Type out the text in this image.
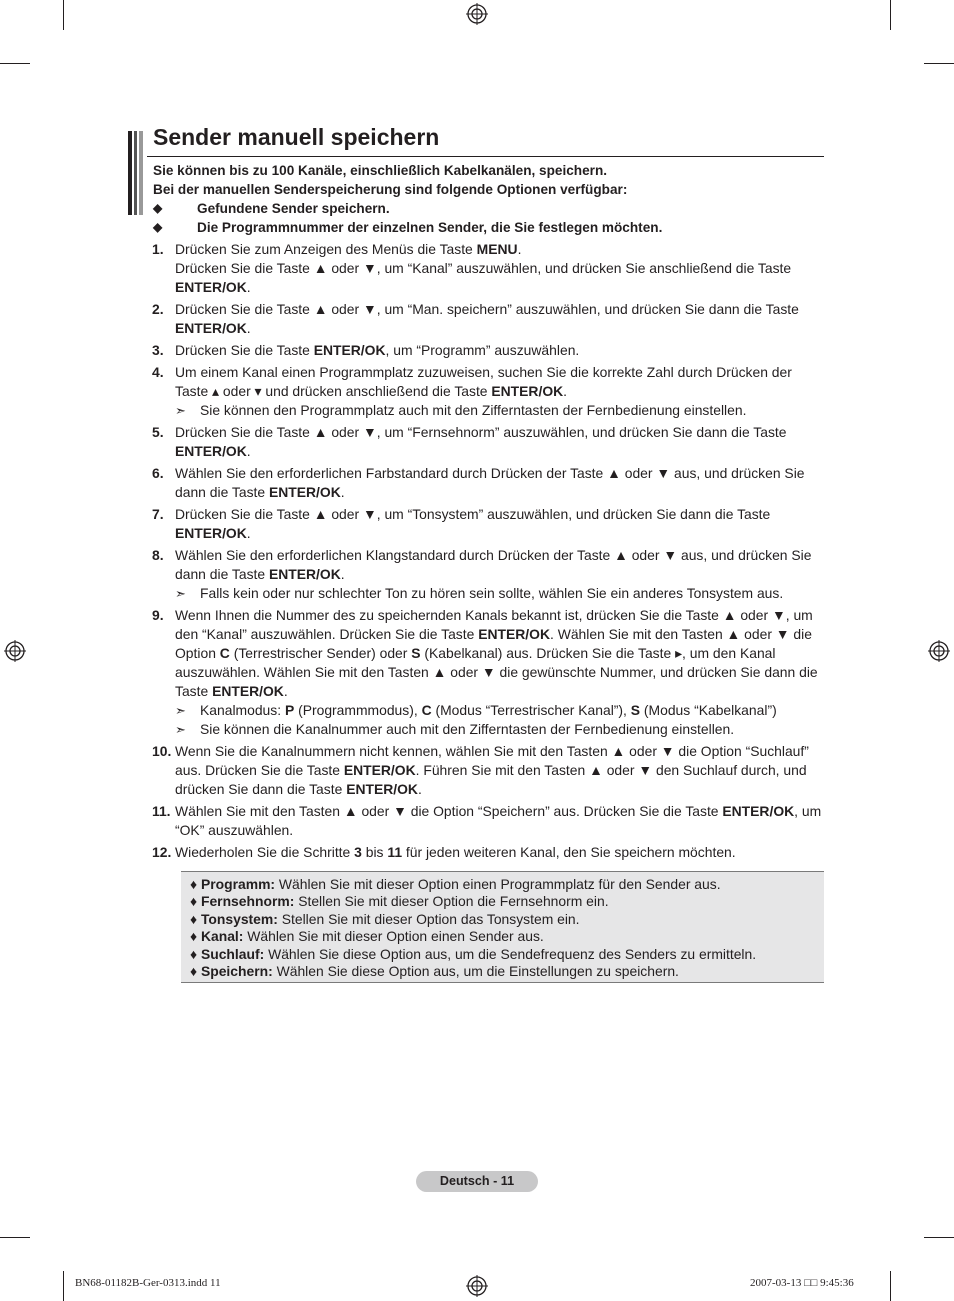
Sender manuell speichern
Sie können bis zu 100 Kanäle, einschließlich Kabelkanälen, speichern.
Bei der manuellen Senderspeicherung sind folgende Optionen verfügbar:
◆	Gefundene Sender speichern.
◆	Die Programmnummer der einzelnen Sender, die Sie festlegen möchten.
1. Drücken Sie zum Anzeigen des Menüs die Taste MENU.
Drücken Sie die Taste ▲ oder ▼, um “Kanal” auszuwählen, und drücken Sie anschließend die Taste ENTER/OK.
2. Drücken Sie die Taste ▲ oder ▼, um “Man. speichern” auszuwählen, und drücken Sie dann die Taste ENTER/OK.
3. Drücken Sie die Taste ENTER/OK, um “Programm” auszuwählen.
4. Um einem Kanal einen Programmplatz zuzuweisen, suchen Sie die korrekte Zahl durch Drücken der Taste ▴ oder ▾ und drücken anschließend die Taste ENTER/OK.
➣ Sie können den Programmplatz auch mit den Zifferntasten der Fernbedienung einstellen.
5. Drücken Sie die Taste ▲ oder ▼, um “Fernsehnorm” auszuwählen, und drücken Sie dann die Taste ENTER/OK.
6. Wählen Sie den erforderlichen Farbstandard durch Drücken der Taste ▲ oder ▼ aus, und drücken Sie dann die Taste ENTER/OK.
7. Drücken Sie die Taste ▲ oder ▼, um “Tonsystem” auszuwählen, und drücken Sie dann die Taste ENTER/OK.
8. Wählen Sie den erforderlichen Klangstandard durch Drücken der Taste ▲ oder ▼ aus, und drücken Sie dann die Taste ENTER/OK.
➣ Falls kein oder nur schlechter Ton zu hören sein sollte, wählen Sie ein anderes Tonsystem aus.
9. Wenn Ihnen die Nummer des zu speichernden Kanals bekannt ist, drücken Sie die Taste ▲ oder ▼, um den “Kanal” auszuwählen. Drücken Sie die Taste ENTER/OK. Wählen Sie mit den Tasten ▲ oder ▼ die Option C (Terrestrischer Sender) oder S (Kabelkanal) aus. Drücken Sie die Taste ▸, um den Kanal auszuwählen. Wählen Sie mit den Tasten ▲ oder ▼ die gewünschte Nummer, und drücken Sie dann die Taste ENTER/OK.
➣ Kanalmodus: P (Programmmodus), C (Modus “Terrestrischer Kanal”), S (Modus “Kabelkanal”)
➣ Sie können die Kanalnummer auch mit den Zifferntasten der Fernbedienung einstellen.
10. Wenn Sie die Kanalnummern nicht kennen, wählen Sie mit den Tasten ▲ oder ▼ die Option “Suchlauf” aus. Drücken Sie die Taste ENTER/OK. Führen Sie mit den Tasten ▲ oder ▼ den Suchlauf durch, und drücken Sie dann die Taste ENTER/OK.
11. Wählen Sie mit den Tasten ▲ oder ▼ die Option “Speichern” aus. Drücken Sie die Taste ENTER/OK, um “OK” auszuwählen.
12. Wiederholen Sie die Schritte 3 bis 11 für jeden weiteren Kanal, den Sie speichern möchten.
♦ Programm: Wählen Sie mit dieser Option einen Programmplatz für den Sender aus.
♦ Fernsehnorm: Stellen Sie mit dieser Option die Fernsehnorm ein.
♦ Tonsystem: Stellen Sie mit dieser Option das Tonsystem ein.
♦ Kanal: Wählen Sie mit dieser Option einen Sender aus.
♦ Suchlauf: Wählen Sie diese Option aus, um die Sendefrequenz des Senders zu ermitteln.
♦ Speichern: Wählen Sie diese Option aus, um die Einstellungen zu speichern.
Deutsch - 11
BN68-01182B-Ger-0313.indd 11	2007-03-13 □□ 9:45:36
